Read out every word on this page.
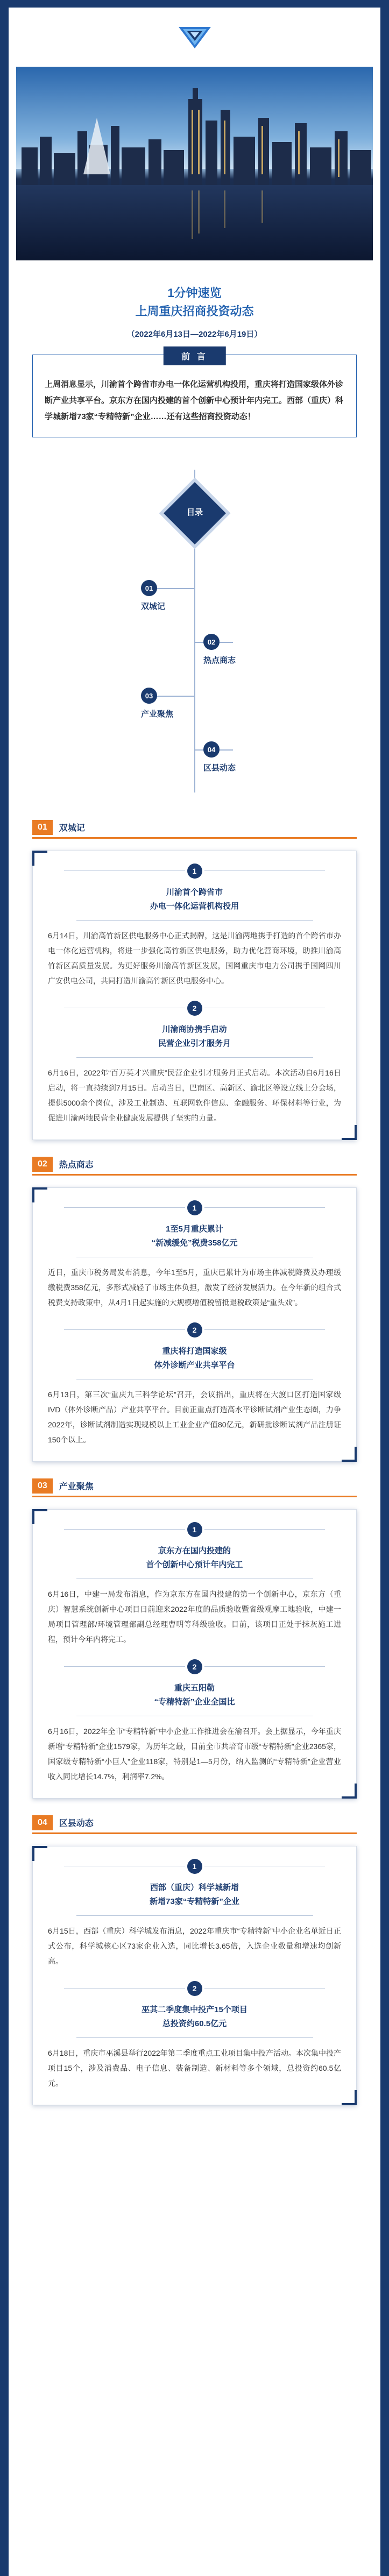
1分钟速览
上周重庆招商投资动态
（2022年6月13日—2022年6月19日）
前 言
上周消息显示，川渝首个跨省市办电一体化运营机构投用，重庆将打造国家级体外诊断产业共享平台。京东方在国内投建的首个创新中心预计年内完工。西部（重庆）科学城新增73家“专精特新”企业……还有这些招商投资动态！
目录
01
双城记
02
热点商志
03
产业聚焦
04
区县动态
01	双城记
1
川渝首个跨省市
办电一体化运营机构投用
6月14日，川渝高竹新区供电服务中心正式揭牌，这是川渝两地携手打造的首个跨省市办电一体化运营机构，将进一步强化高竹新区供电服务，助力优化营商环境，助推川渝高竹新区高质量发展。为更好服务川渝高竹新区发展，国网重庆市电力公司携手国网四川广安供电公司，共同打造川渝高竹新区供电服务中心。
2
川渝商协携手启动
民营企业引才服务月
6月16日，2022年“百万英才兴重庆”民营企业引才服务月正式启动。本次活动自6月16日启动，将一直持续到7月15日。启动当日，巴南区、高新区、渝北区等设立线上分会场，提供5000余个岗位，涉及工业制造、互联网软件信息、金融服务、环保材料等行业，为促进川渝两地民营企业健康发展提供了坚实的力量。
02	热点商志
1
1至5月重庆累计
“新减缓免”税费358亿元
近日，重庆市税务局发布消息，今年1至5月，重庆已累计为市场主体减税降费及办理缓缴税费358亿元，多形式减轻了市场主体负担，激发了经济发展活力。在今年新的组合式税费支持政策中，从4月1日起实施的大规模增值税留抵退税政策是“重头戏”。
2
重庆将打造国家级
体外诊断产业共享平台
6月13日，第三次“重庆九三科学论坛”召开，会议指出，重庆将在大渡口区打造国家级IVD（体外诊断产品）产业共享平台。目前正重点打造高水平诊断试剂产业生态圈，力争2022年，诊断试剂制造实现规模以上工业企业产值80亿元，新研批诊断试剂产品注册证150个以上。
03	产业聚焦
1
京东方在国内投建的
首个创新中心预计年内完工
6月16日，中建一局发布消息，作为京东方在国内投建的第一个创新中心，京东方（重庆）智慧系统创新中心项目日前迎来2022年度的品质验收暨省级观摩工地验收，中建一局项目管理部/环境管理部副总经理曹明等科级验收。目前，该项目正处于抹灰施工进程，预计今年内将完工。
2
重庆五阳勒
“专精特新”企业全国比
6月16日，2022年全市“专精特新”中小企业工作推进会在渝召开。会上据显示，今年重庆新增“专精特新”企业1579家，为历年之最，目前全市共培育市级“专精特新”企业2365家，国家级专精特新“小巨人”企业118家，特别是1—5月份，纳入监测的“专精特新”企业营业收入同比增长14.7%，利润率7.2%。
04	区县动态
1
西部（重庆）科学城新增
新增73家“专精特新”企业
6月15日，西部（重庆）科学城发布消息，2022年重庆市“专精特新”中小企业名单近日正式公布，科学城核心区73家企业入选，同比增长3.65倍，入选企业数量和增速均创新高。
2
巫其二季度集中投产15个项目
总投资约60.5亿元
6月18日，重庆市巫溪县举行2022年第二季度重点工业项目集中投产活动。本次集中投产项目15个，涉及消费品、电子信息、装备制造、新材料等多个领域，总投资约60.5亿元。
